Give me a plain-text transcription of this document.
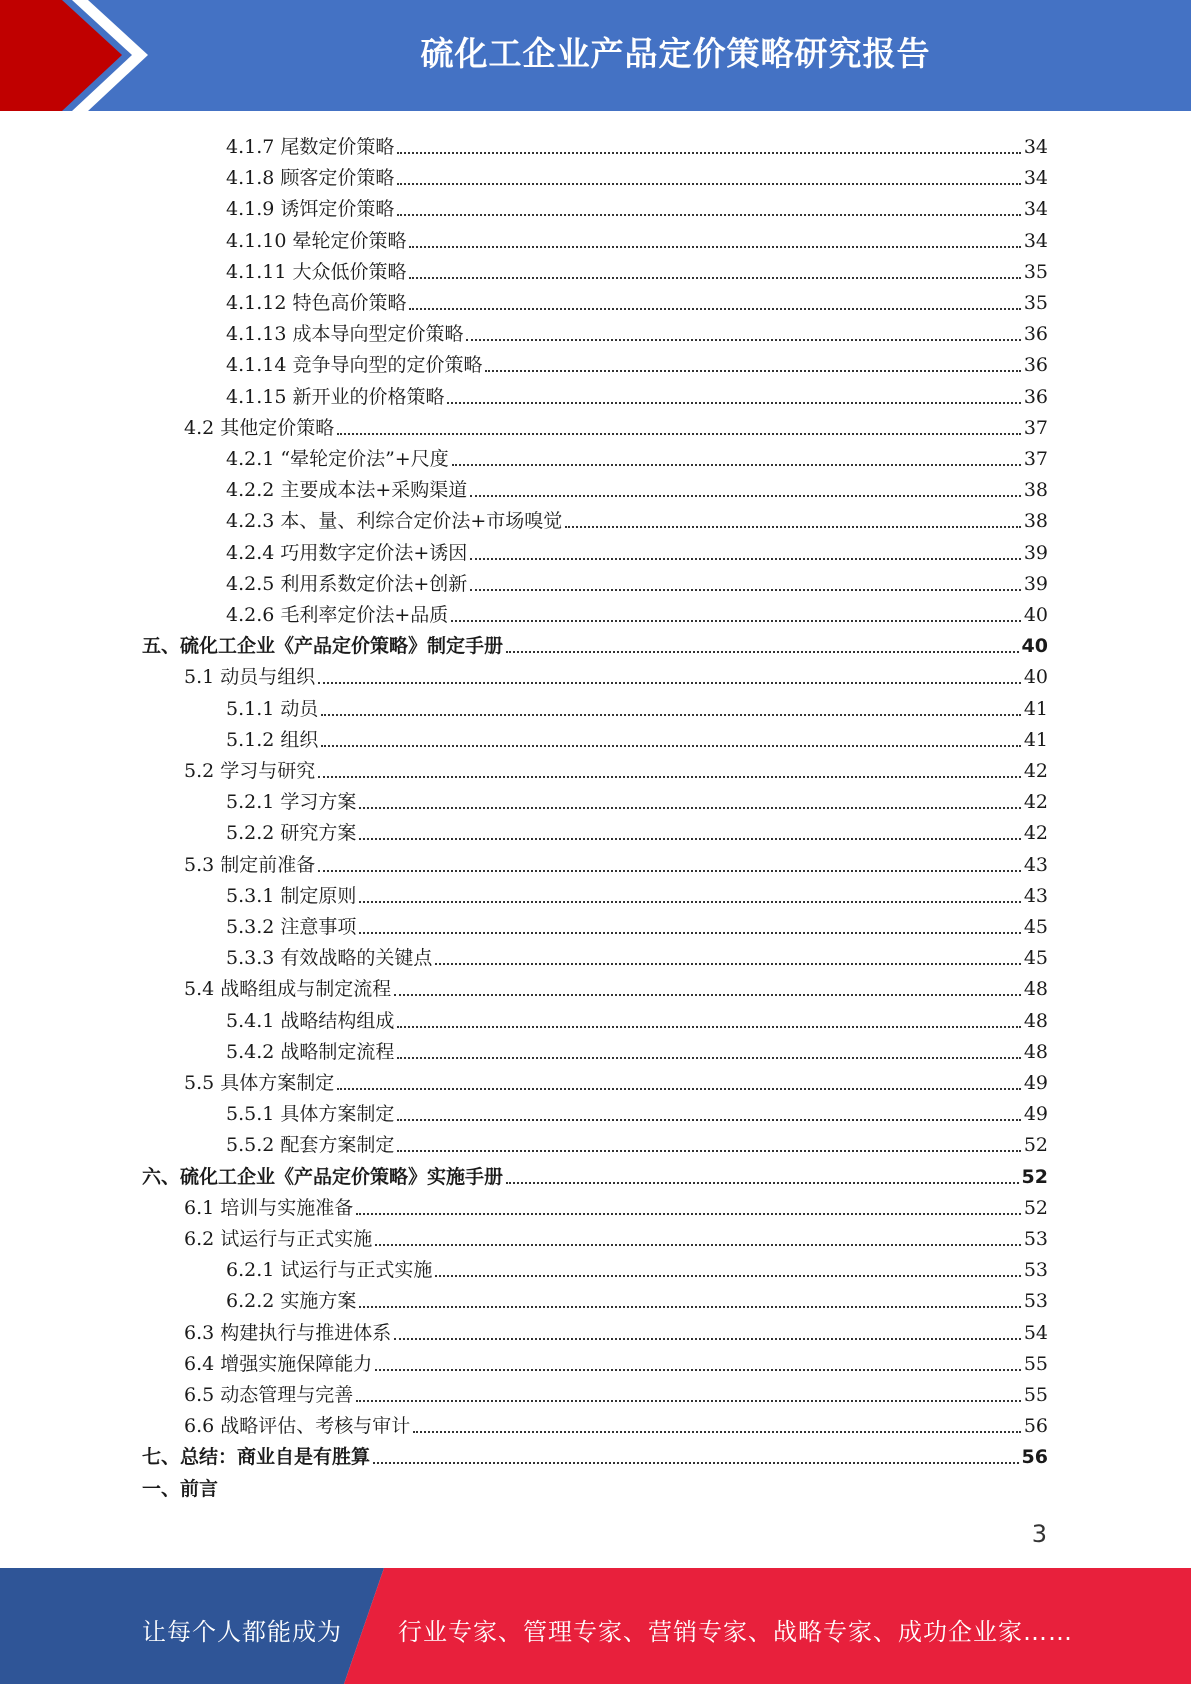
硫化工企业产品定价策略研究报告
4.1.7 尾数定价策略	34
4.1.8 顾客定价策略	34
4.1.9 诱饵定价策略	34
4.1.10 晕轮定价策略	34
4.1.11 大众低价策略	35
4.1.12 特色高价策略	35
4.1.13 成本导向型定价策略	36
4.1.14 竞争导向型的定价策略	36
4.1.15 新开业的价格策略	36
4.2 其他定价策略	37
4.2.1 “晕轮定价法”+尺度	37
4.2.2 主要成本法+采购渠道	38
4.2.3 本、量、利综合定价法+市场嗅觉	38
4.2.4 巧用数字定价法+诱因	39
4.2.5 利用系数定价法+创新	39
4.2.6 毛利率定价法+品质	40
五、硫化工企业《产品定价策略》制定手册	40
5.1 动员与组织	40
5.1.1 动员	41
5.1.2 组织	41
5.2 学习与研究	42
5.2.1 学习方案	42
5.2.2 研究方案	42
5.3 制定前准备	43
5.3.1 制定原则	43
5.3.2 注意事项	45
5.3.3 有效战略的关键点	45
5.4 战略组成与制定流程	48
5.4.1 战略结构组成	48
5.4.2 战略制定流程	48
5.5 具体方案制定	49
5.5.1 具体方案制定	49
5.5.2 配套方案制定	52
六、硫化工企业《产品定价策略》实施手册	52
6.1 培训与实施准备	52
6.2 试运行与正式实施	53
6.2.1 试运行与正式实施	53
6.2.2 实施方案	53
6.3 构建执行与推进体系	54
6.4 增强实施保障能力	55
6.5 动态管理与完善	55
6.6 战略评估、考核与审计	56
七、总结：商业自是有胜算	56
一、前言
3
让每个人都能成为 行业专家、管理专家、营销专家、战略专家、成功企业家……
